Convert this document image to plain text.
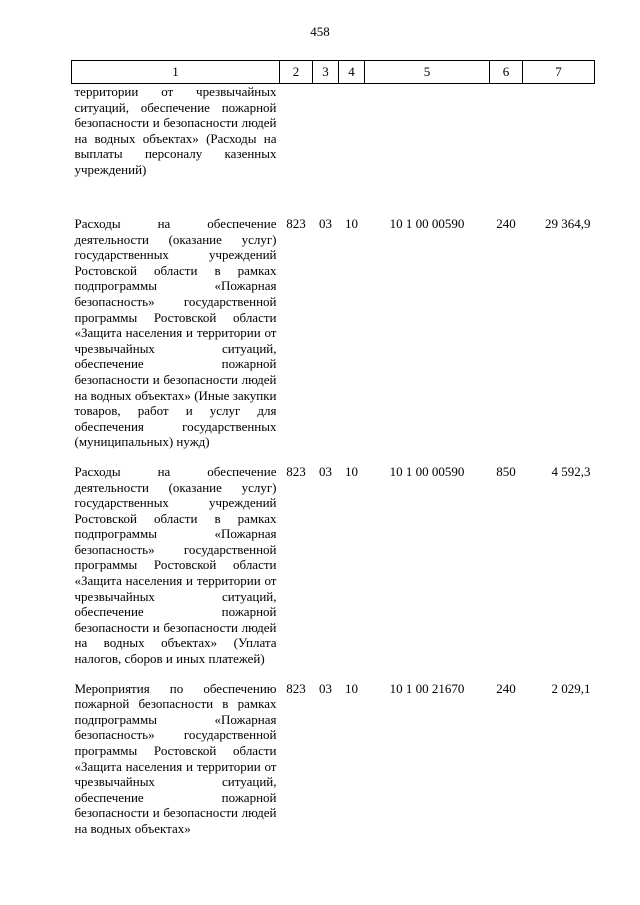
458
1	2	3	4	5	6	7
территории от чрезвычайных ситуаций, обеспечение пожарной безопасности и безопасности людей на водных объектах» (Расходы на выплаты персоналу казенных учреждений)						

Расходы на обеспечение деятельности (оказание услуг) государственных учреждений Ростовской области в рамках подпрограммы «Пожарная безопасность» государственной программы Ростовской области «Защита населения и территории от чрезвычайных ситуаций, обеспечение пожарной безопасности и безопасности людей на водных объектах» (Иные закупки товаров, работ и услуг для обеспечения государственных (муниципальных) нужд)	823	03	10	10 1 00 00590	240	29 364,9

Расходы на обеспечение деятельности (оказание услуг) государственных учреждений Ростовской области в рамках подпрограммы «Пожарная безопасность» государственной программы Ростовской области «Защита населения и территории от чрезвычайных ситуаций, обеспечение пожарной безопасности и безопасности людей на водных объектах» (Уплата налогов, сборов и иных платежей)	823	03	10	10 1 00 00590	850	4 592,3

Мероприятия по обеспечению пожарной безопасности в рамках подпрограммы «Пожарная безопасность» государственной программы Ростовской области «Защита населения и территории от чрезвычайных ситуаций, обеспечение пожарной безопасности и безопасности людей на водных объектах»	823	03	10	10 1 00 21670	240	2 029,1
